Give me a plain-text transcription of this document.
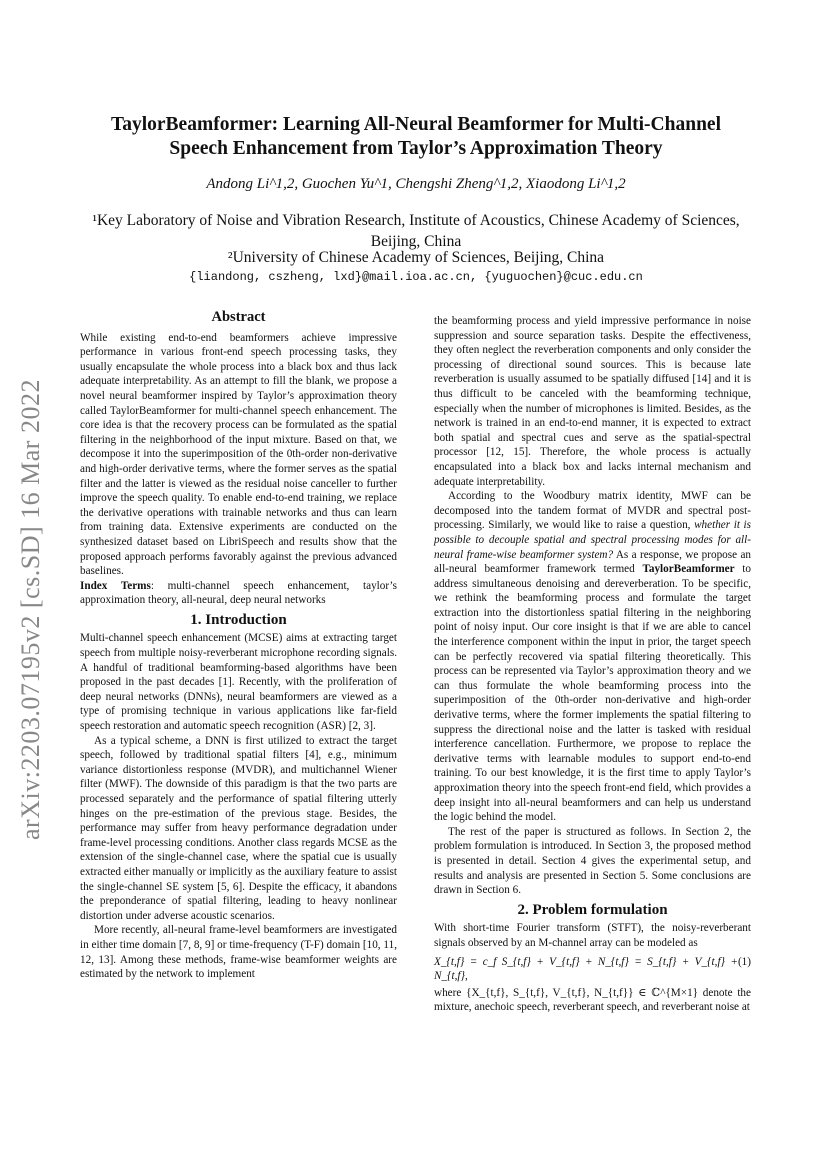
arXiv:2203.07195v2 [cs.SD] 16 Mar 2022
TaylorBeamformer: Learning All-Neural Beamformer for Multi-Channel Speech Enhancement from Taylor’s Approximation Theory
Andong Li^1,2, Guochen Yu^1, Chengshi Zheng^1,2, Xiaodong Li^1,2
¹Key Laboratory of Noise and Vibration Research, Institute of Acoustics, Chinese Academy of Sciences, Beijing, China
²University of Chinese Academy of Sciences, Beijing, China
{liandong, cszheng, lxd}@mail.ioa.ac.cn, {yuguochen}@cuc.edu.cn
Abstract

While existing end-to-end beamformers achieve impressive performance in various front-end speech processing tasks, they usually encapsulate the whole process into a black box and thus lack adequate interpretability. As an attempt to fill the blank, we propose a novel neural beamformer inspired by Taylor’s approximation theory called TaylorBeamformer for multi-channel speech enhancement. The core idea is that the recovery process can be formulated as the spatial filtering in the neighborhood of the input mixture. Based on that, we decompose it into the superimposition of the 0th-order non-derivative and high-order derivative terms, where the former serves as the spatial filter and the latter is viewed as the residual noise canceller to further improve the speech quality. To enable end-to-end training, we replace the derivative operations with trainable networks and thus can learn from training data. Extensive experiments are conducted on the synthesized dataset based on LibriSpeech and results show that the proposed approach performs favorably against the previous advanced baselines.

Index Terms: multi-channel speech enhancement, taylor’s approximation theory, all-neural, deep neural networks

1. Introduction

Multi-channel speech enhancement (MCSE) aims at extracting target speech from multiple noisy-reverberant microphone recording signals. A handful of traditional beamforming-based algorithms have been proposed in the past decades [1]. Recently, with the proliferation of deep neural networks (DNNs), neural beamformers are viewed as a type of promising technique in various applications like far-field speech restoration and automatic speech recognition (ASR) [2, 3].

As a typical scheme, a DNN is first utilized to extract the target speech, followed by traditional spatial filters [4], e.g., minimum variance distortionless response (MVDR), and multichannel Wiener filter (MWF). The downside of this paradigm is that the two parts are processed separately and the performance of spatial filtering utterly hinges on the pre-estimation of the previous stage. Besides, the performance may suffer from heavy performance degradation under frame-level processing conditions. Another class regards MCSE as the extension of the single-channel case, where the spatial cue is usually extracted either manually or implicitly as the auxiliary feature to assist the single-channel SE system [5, 6]. Despite the efficacy, it abandons the preponderance of spatial filtering, leading to heavy nonlinear distortion under adverse acoustic scenarios.

More recently, all-neural frame-level beamformers are investigated in either time domain [7, 8, 9] or time-frequency (T-F) domain [10, 11, 12, 13]. Among these methods, frame-wise beamformer weights are estimated by the network to implement

the beamforming process and yield impressive performance in noise suppression and source separation tasks. Despite the effectiveness, they often neglect the reverberation components and only consider the processing of directional sound sources. This is because late reverberation is usually assumed to be spatially diffused [14] and it is thus difficult to be canceled with the beamforming technique, especially when the number of microphones is limited. Besides, as the network is trained in an end-to-end manner, it is expected to extract both spatial and spectral cues and serve as the spatial-spectral processor [12, 15]. Therefore, the whole process is actually encapsulated into a black box and lacks internal mechanism and adequate interpretability.

According to the Woodbury matrix identity, MWF can be decomposed into the tandem format of MVDR and spectral post-processing. Similarly, we would like to raise a question, whether it is possible to decouple spatial and spectral processing modes for all-neural frame-wise beamformer system? As a response, we propose an all-neural beamformer framework termed TaylorBeamformer to address simultaneous denoising and dereverberation. To be specific, we rethink the beamforming process and formulate the target extraction into the distortionless spatial filtering in the neighboring point of noisy input. Our core insight is that if we are able to cancel the interference component within the input in prior, the target speech can be perfectly recovered via spatial filtering theoretically. This process can be represented via Taylor’s approximation theory and we can thus formulate the whole beamforming process into the superimposition of the 0th-order non-derivative and high-order derivative terms, where the former implements the spatial filtering to suppress the directional noise and the latter is tasked with residual interference cancellation. Furthermore, we propose to replace the derivative terms with learnable modules to support end-to-end training. To our best knowledge, it is the first time to apply Taylor’s approximation theory into the speech front-end field, which provides a deep insight into all-neural beamformers and can help us understand the logic behind the model.

The rest of the paper is structured as follows. In Section 2, the problem formulation is introduced. In Section 3, the proposed method is presented in detail. Section 4 gives the experimental setup, and results and analysis are presented in Section 5. Some conclusions are drawn in Section 6.

2. Problem formulation

With short-time Fourier transform (STFT), the noisy-reverberant signals observed by an M-channel array can be modeled as

X_{t,f} = c_f S_{t,f} + V_{t,f} + N_{t,f} = S_{t,f} + V_{t,f} + N_{t,f},
(1)

where {X_{t,f}, S_{t,f}, V_{t,f}, N_{t,f}} ∈ ℂ^{M×1} denote the mixture, anechoic speech, reverberant speech, and reverberant noise at
